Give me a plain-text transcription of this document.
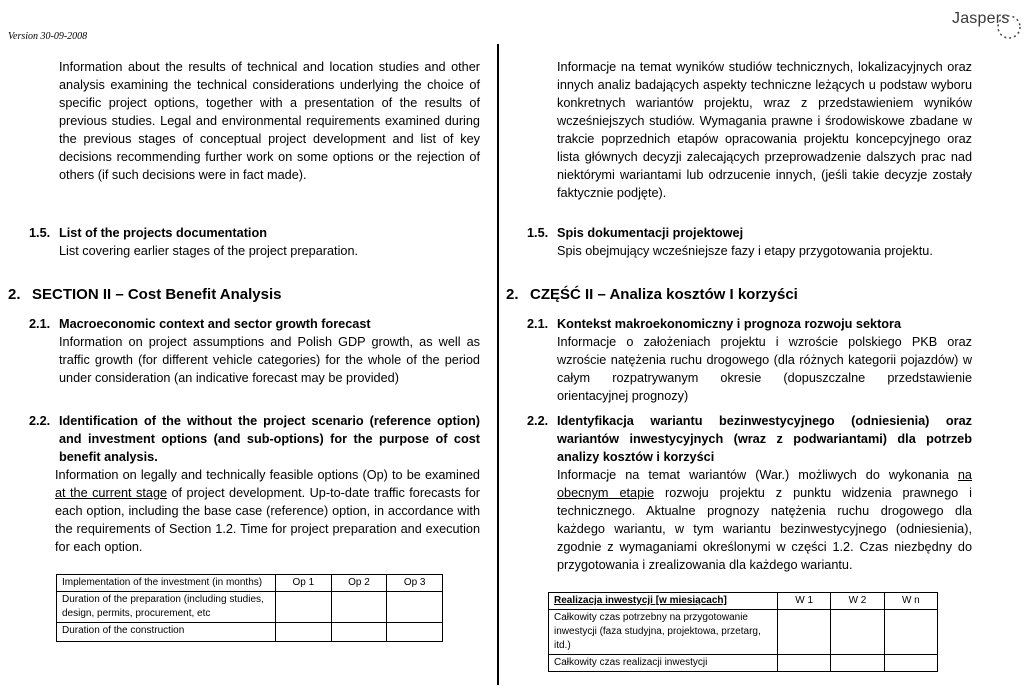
Version 30-09-2008
Jaspers

Information about the results of technical and location studies and other analysis examining the technical considerations underlying the choice of specific project options, together with a presentation of the results of previous studies. Legal and environmental requirements examined during the previous stages of conceptual project development and list of key decisions recommending further work on some options or the rejection of others (if such decisions were in fact made).

1.5. List of the projects documentation
List covering earlier stages of the project preparation.
2. SECTION II – Cost Benefit Analysis
2.1. Macroeconomic context and sector growth forecast

Information on project assumptions and Polish GDP growth, as well as traffic growth (for different vehicle categories) for the whole of the period under consideration (an indicative forecast may be provided)

2.2. Identification of the without the project scenario (reference option) and investment options (and sub-options) for the purpose of cost benefit analysis.

Information on legally and technically feasible options (Op) to be examined at the current stage of project development. Up-to-date traffic forecasts for each option, including the base case (reference) option, in accordance with the requirements of Section 1.2. Time for project preparation and execution for each option.

Implementation of the investment (in months)	Op 1	Op 2	Op 3
Duration of the preparation (including studies, design, permits, procurement, etc			
Duration of the construction			

Informacje na temat wyników studiów technicznych, lokalizacyjnych oraz innych analiz badających aspekty techniczne leżących u podstaw wyboru konkretnych wariantów projektu, wraz z przedstawieniem wyników wcześniejszych studiów. Wymagania prawne i środowiskowe zbadane w trakcie poprzednich etapów opracowania projektu koncepcyjnego oraz lista głównych decyzji zalecających przeprowadzenie dalszych prac nad niektórymi wariantami lub odrzucenie innych, (jeśli takie decyzje zostały faktycznie podjęte).

1.5. Spis dokumentacji projektowej
Spis obejmujący wcześniejsze fazy i etapy przygotowania projektu.
2. CZĘŚĆ II – Analiza kosztów I korzyści
2.1. Kontekst makroekonomiczny i prognoza rozwoju sektora

Informacje o założeniach projektu i wzroście polskiego PKB oraz wzroście natężenia ruchu drogowego (dla różnych kategorii pojazdów) w całym rozpatrywanym okresie (dopuszczalne przedstawienie orientacyjnej prognozy)

2.2. Identyfikacja wariantu bezinwestycyjnego (odniesienia) oraz wariantów inwestycyjnych (wraz z podwariantami) dla potrzeb analizy kosztów i korzyści

Informacje na temat wariantów (War.) możliwych do wykonania na obecnym etapie rozwoju projektu z punktu widzenia prawnego i technicznego. Aktualne prognozy natężenia ruchu drogowego dla każdego wariantu, w tym wariantu bezinwestycyjnego (odniesienia), zgodnie z wymaganiami określonymi w części 1.2. Czas niezbędny do przygotowania i zrealizowania dla każdego wariantu.

Realizacja inwestycji [w miesiącach]	W 1	W 2	W n
Całkowity czas potrzebny na przygotowanie inwestycji (faza studyjna, projektowa, przetarg, itd.)			
Całkowity czas realizacji inwestycji			
